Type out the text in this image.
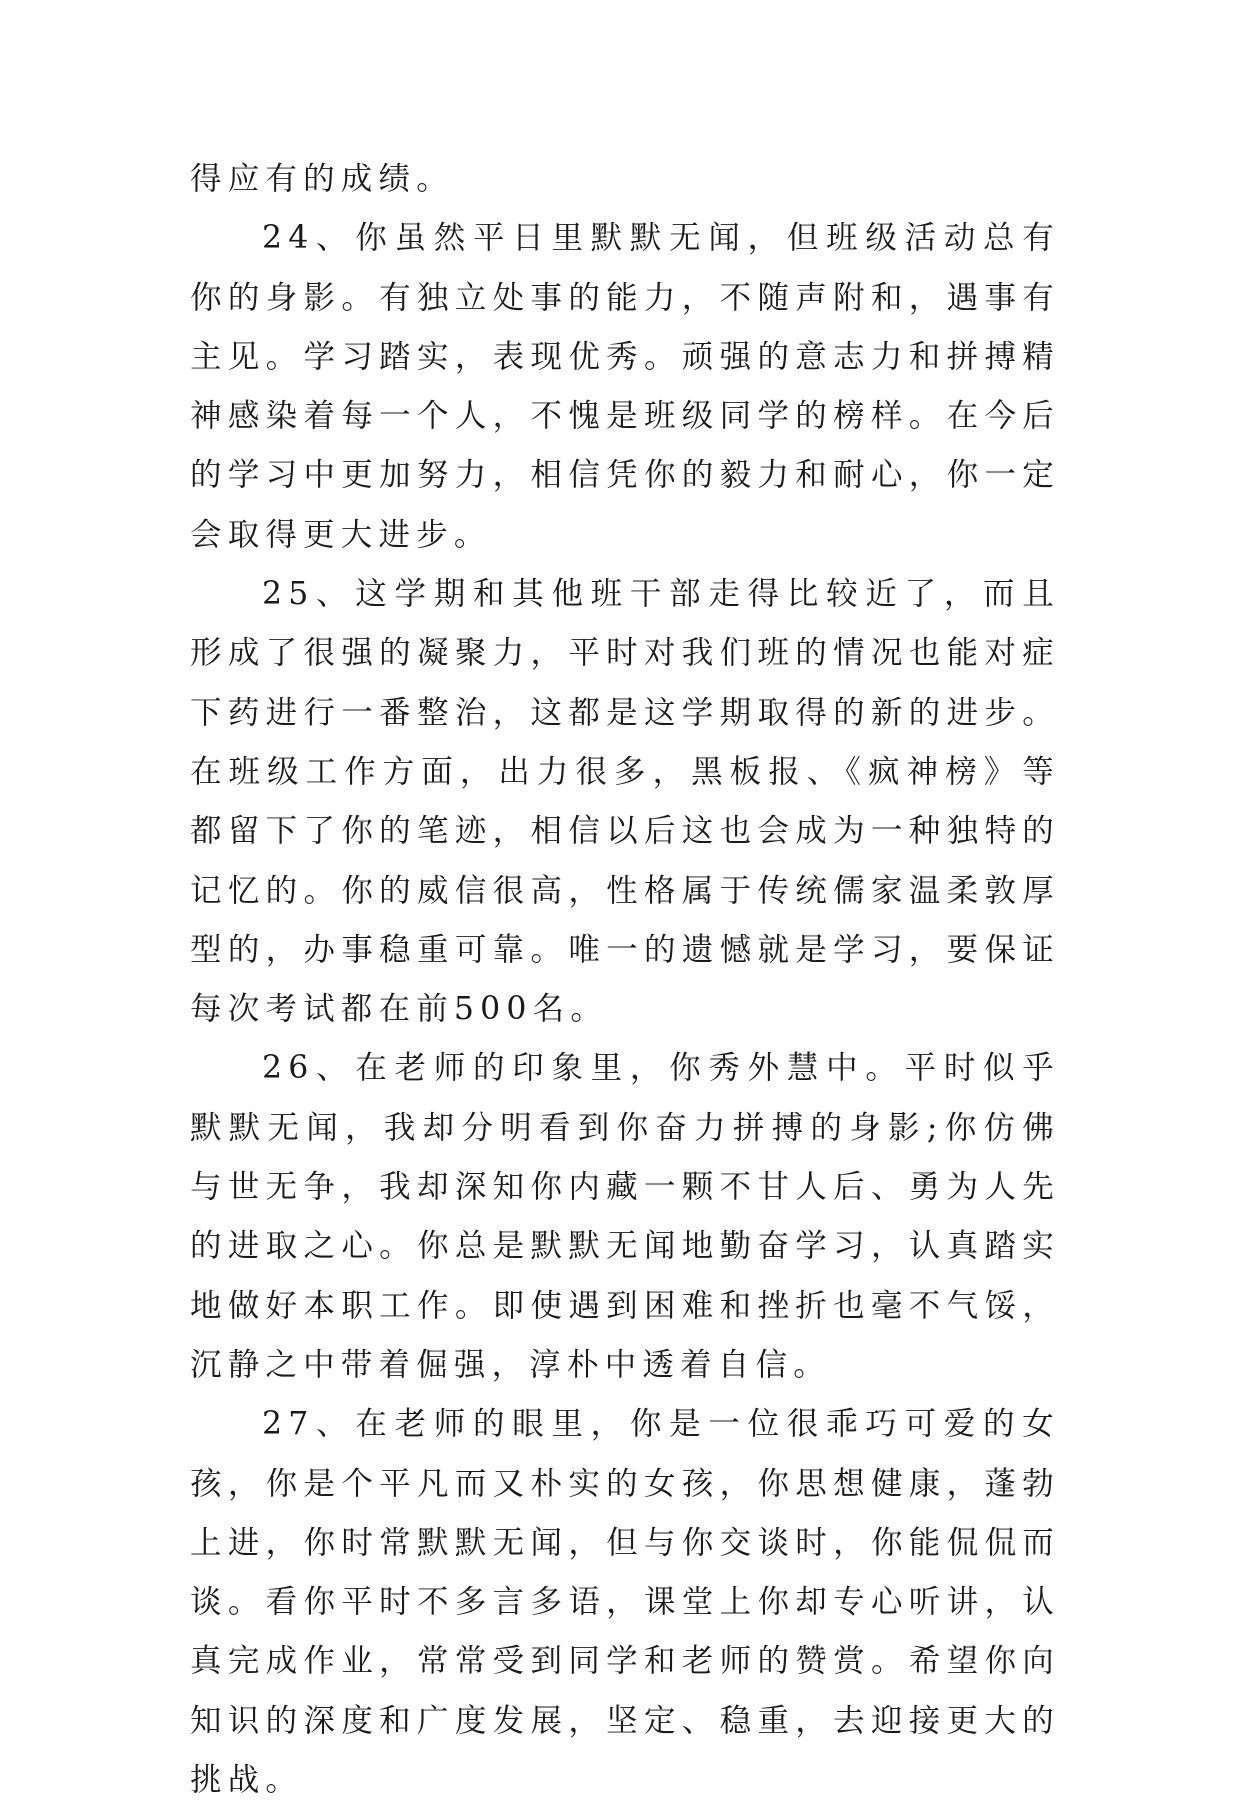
得应有的成绩。

24、你虽然平日里默默无闻，但班级活动总有你的身影。有独立处事的能力，不随声附和，遇事有主见。学习踏实，表现优秀。顽强的意志力和拼搏精神感染着每一个人，不愧是班级同学的榜样。在今后的学习中更加努力，相信凭你的毅力和耐心，你一定会取得更大进步。

25、这学期和其他班干部走得比较近了，而且形成了很强的凝聚力，平时对我们班的情况也能对症下药进行一番整治，这都是这学期取得的新的进步。在班级工作方面，出力很多，黑板报、《疯神榜》等都留下了你的笔迹，相信以后这也会成为一种独特的记忆的。你的威信很高，性格属于传统儒家温柔敦厚型的，办事稳重可靠。唯一的遗憾就是学习，要保证每次考试都在前500名。

26、在老师的印象里，你秀外慧中。平时似乎默默无闻，我却分明看到你奋力拼搏的身影;你仿佛与世无争，我却深知你内藏一颗不甘人后、勇为人先的进取之心。你总是默默无闻地勤奋学习，认真踏实地做好本职工作。即使遇到困难和挫折也毫不气馁，沉静之中带着倔强，淳朴中透着自信。

27、在老师的眼里，你是一位很乖巧可爱的女孩，你是个平凡而又朴实的女孩，你思想健康，蓬勃上进，你时常默默无闻，但与你交谈时，你能侃侃而谈。看你平时不多言多语，课堂上你却专心听讲，认真完成作业，常常受到同学和老师的赞赏。希望你向知识的深度和广度发展，坚定、稳重，去迎接更大的挑战。
